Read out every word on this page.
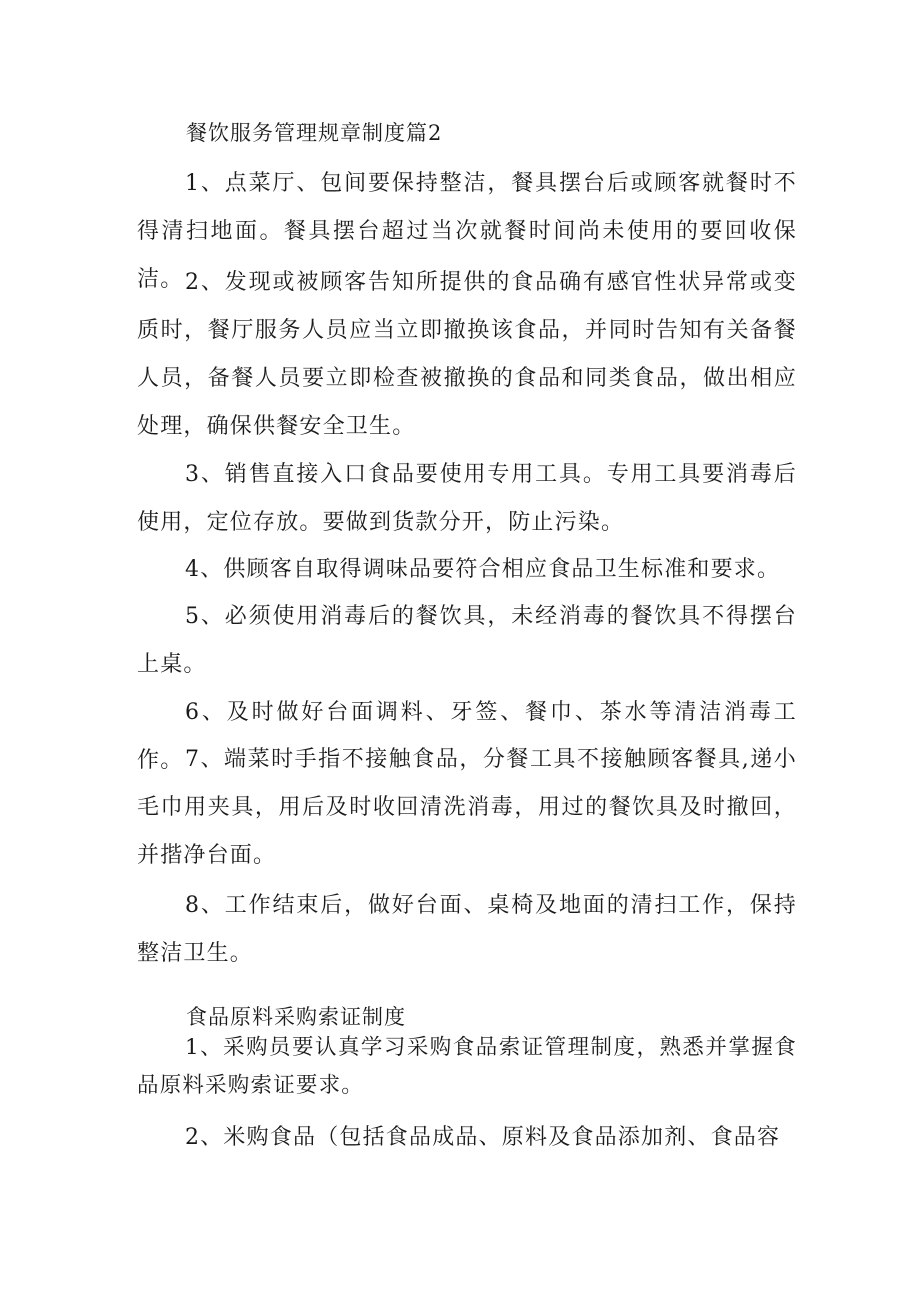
餐饮服务管理规章制度篇2
1、点菜厅、包间要保持整洁，餐具摆台后或顾客就餐时不得清扫地面。餐具摆台超过当次就餐时间尚未使用的要回收保洁。 2、发现或被顾客告知所提供的食品确有感官性状异常或变质时，餐厅服务人员应当立即撤换该食品，并同时告知有关备餐人员，备餐人员要立即检查被撤换的食品和同类食品，做出相应处理，确保供餐安全卫生。
3、销售直接入口食品要使用专用工具。专用工具要消毒后使用，定位存放。要做到货款分开，防止污染。
4、供顾客自取得调味品要符合相应食品卫生标准和要求。
5、必须使用消毒后的餐饮具，未经消毒的餐饮具不得摆台上桌。
6、及时做好台面调料、牙签、餐巾、茶水等清洁消毒工作。 7、端菜时手指不接触食品，分餐工具不接触顾客餐具,递小毛巾用夹具，用后及时收回清洗消毒，用过的餐饮具及时撤回，并揩净台面。
8、工作结束后，做好台面、桌椅及地面的清扫工作，保持整洁卫生。
食品原料采购索证制度
1、采购员要认真学习采购食品索证管理制度，熟悉并掌握食品原料采购索证要求。
2、米购食品（包括食品成品、原料及食品添加剂、食品容
